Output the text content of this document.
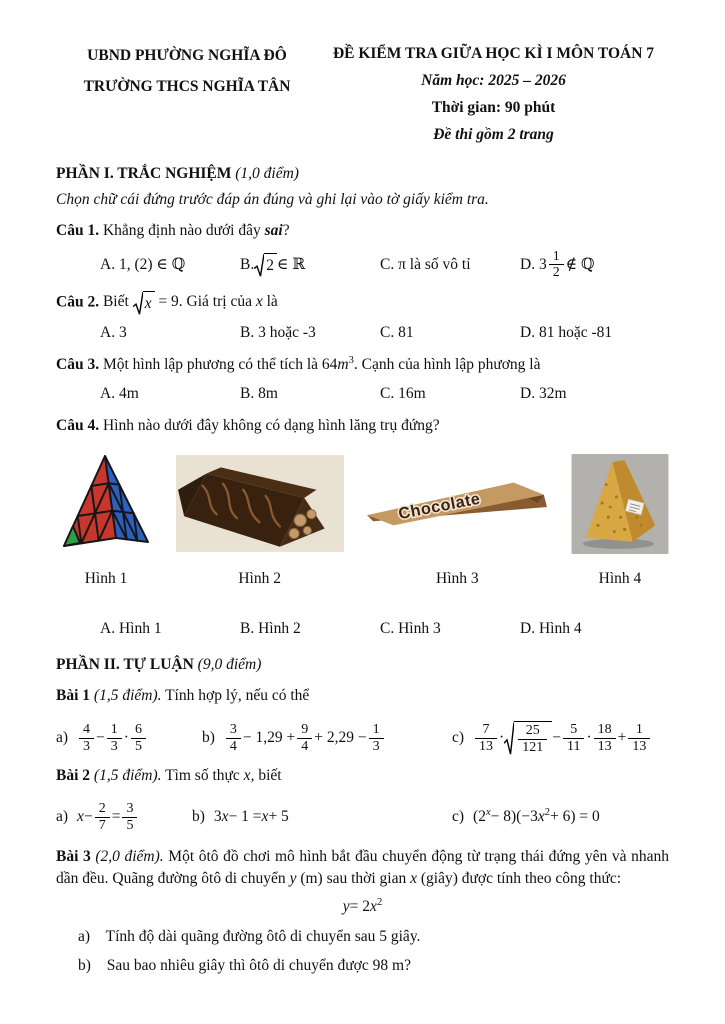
UBND PHƯỜNG NGHĨA ĐÔ
TRƯỜNG THCS NGHĨA TÂN
ĐỀ KIỂM TRA GIỮA HỌC KÌ I MÔN TOÁN 7
Năm học: 2025 – 2026
Thời gian: 90 phút
Đề thi gồm 2 trang
PHẦN I. TRẮC NGHIỆM (1,0 điểm)
Chọn chữ cái đứng trước đáp án đúng và ghi lại vào tờ giấy kiểm tra.
Câu 1. Khẳng định nào dưới đây sai?
A. 1, (2) ∈ ℚ	B. 2 ∈ ℝ	C. π là số vô tỉ	D. $3 \frac{1}{2}$ ∉ ℚ
Câu 2. Biết x = 9. Giá trị của x là
A. 3	B. 3 hoặc -3	C. 81	D. 81 hoặc -81
Câu 3. Một hình lập phương có thể tích là $64m^3$. Cạnh của hình lập phương là
A. 4m	B. 8m	C. 16m	D. 32m
Câu 4. Hình nào dưới đây không có dạng hình lăng trụ đứng?
Hình 1	Hình 2
Chocolate
Hình 3	Hình 4
A. Hình 1	B. Hình 2	C. Hình 3	D. Hình 4
PHẦN II. TỰ LUẬN (9,0 điểm)
Bài 1 (1,5 điểm). Tính hợp lý, nếu có thể
$a) \frac{4}{3} - \frac{1}{3} \cdot \frac{6}{5}$	$b) \frac{3}{4} - 1,29 + \frac{9}{4} + 2,29 - \frac{1}{3}$	$c) \frac{7}{13} \cdot \frac{25}{121} - \frac{5}{11} \cdot \frac{18}{13} + \frac{1}{13}$
Bài 2 (1,5 điểm). Tìm số thực x, biết
a) $x - \frac{2}{7} = \frac{3}{5}$	b) 3 x − 1 = x + 5	c) ( $2^x - 8)(-3$ $x^2 + 6) = 0$
Bài 3 (2,0 điểm). Một ôtô đồ chơi mô hình bắt đầu chuyển động từ trạng thái đứng yên và nhanh dần đều. Quãng đường ôtô di chuyển y (m) sau thời gian x (giây) được tính theo công thức:
y = 2 $x^2$
a) Tính độ dài quãng đường ôtô di chuyển sau 5 giây.
b) Sau bao nhiêu giây thì ôtô di chuyển được 98 m?
